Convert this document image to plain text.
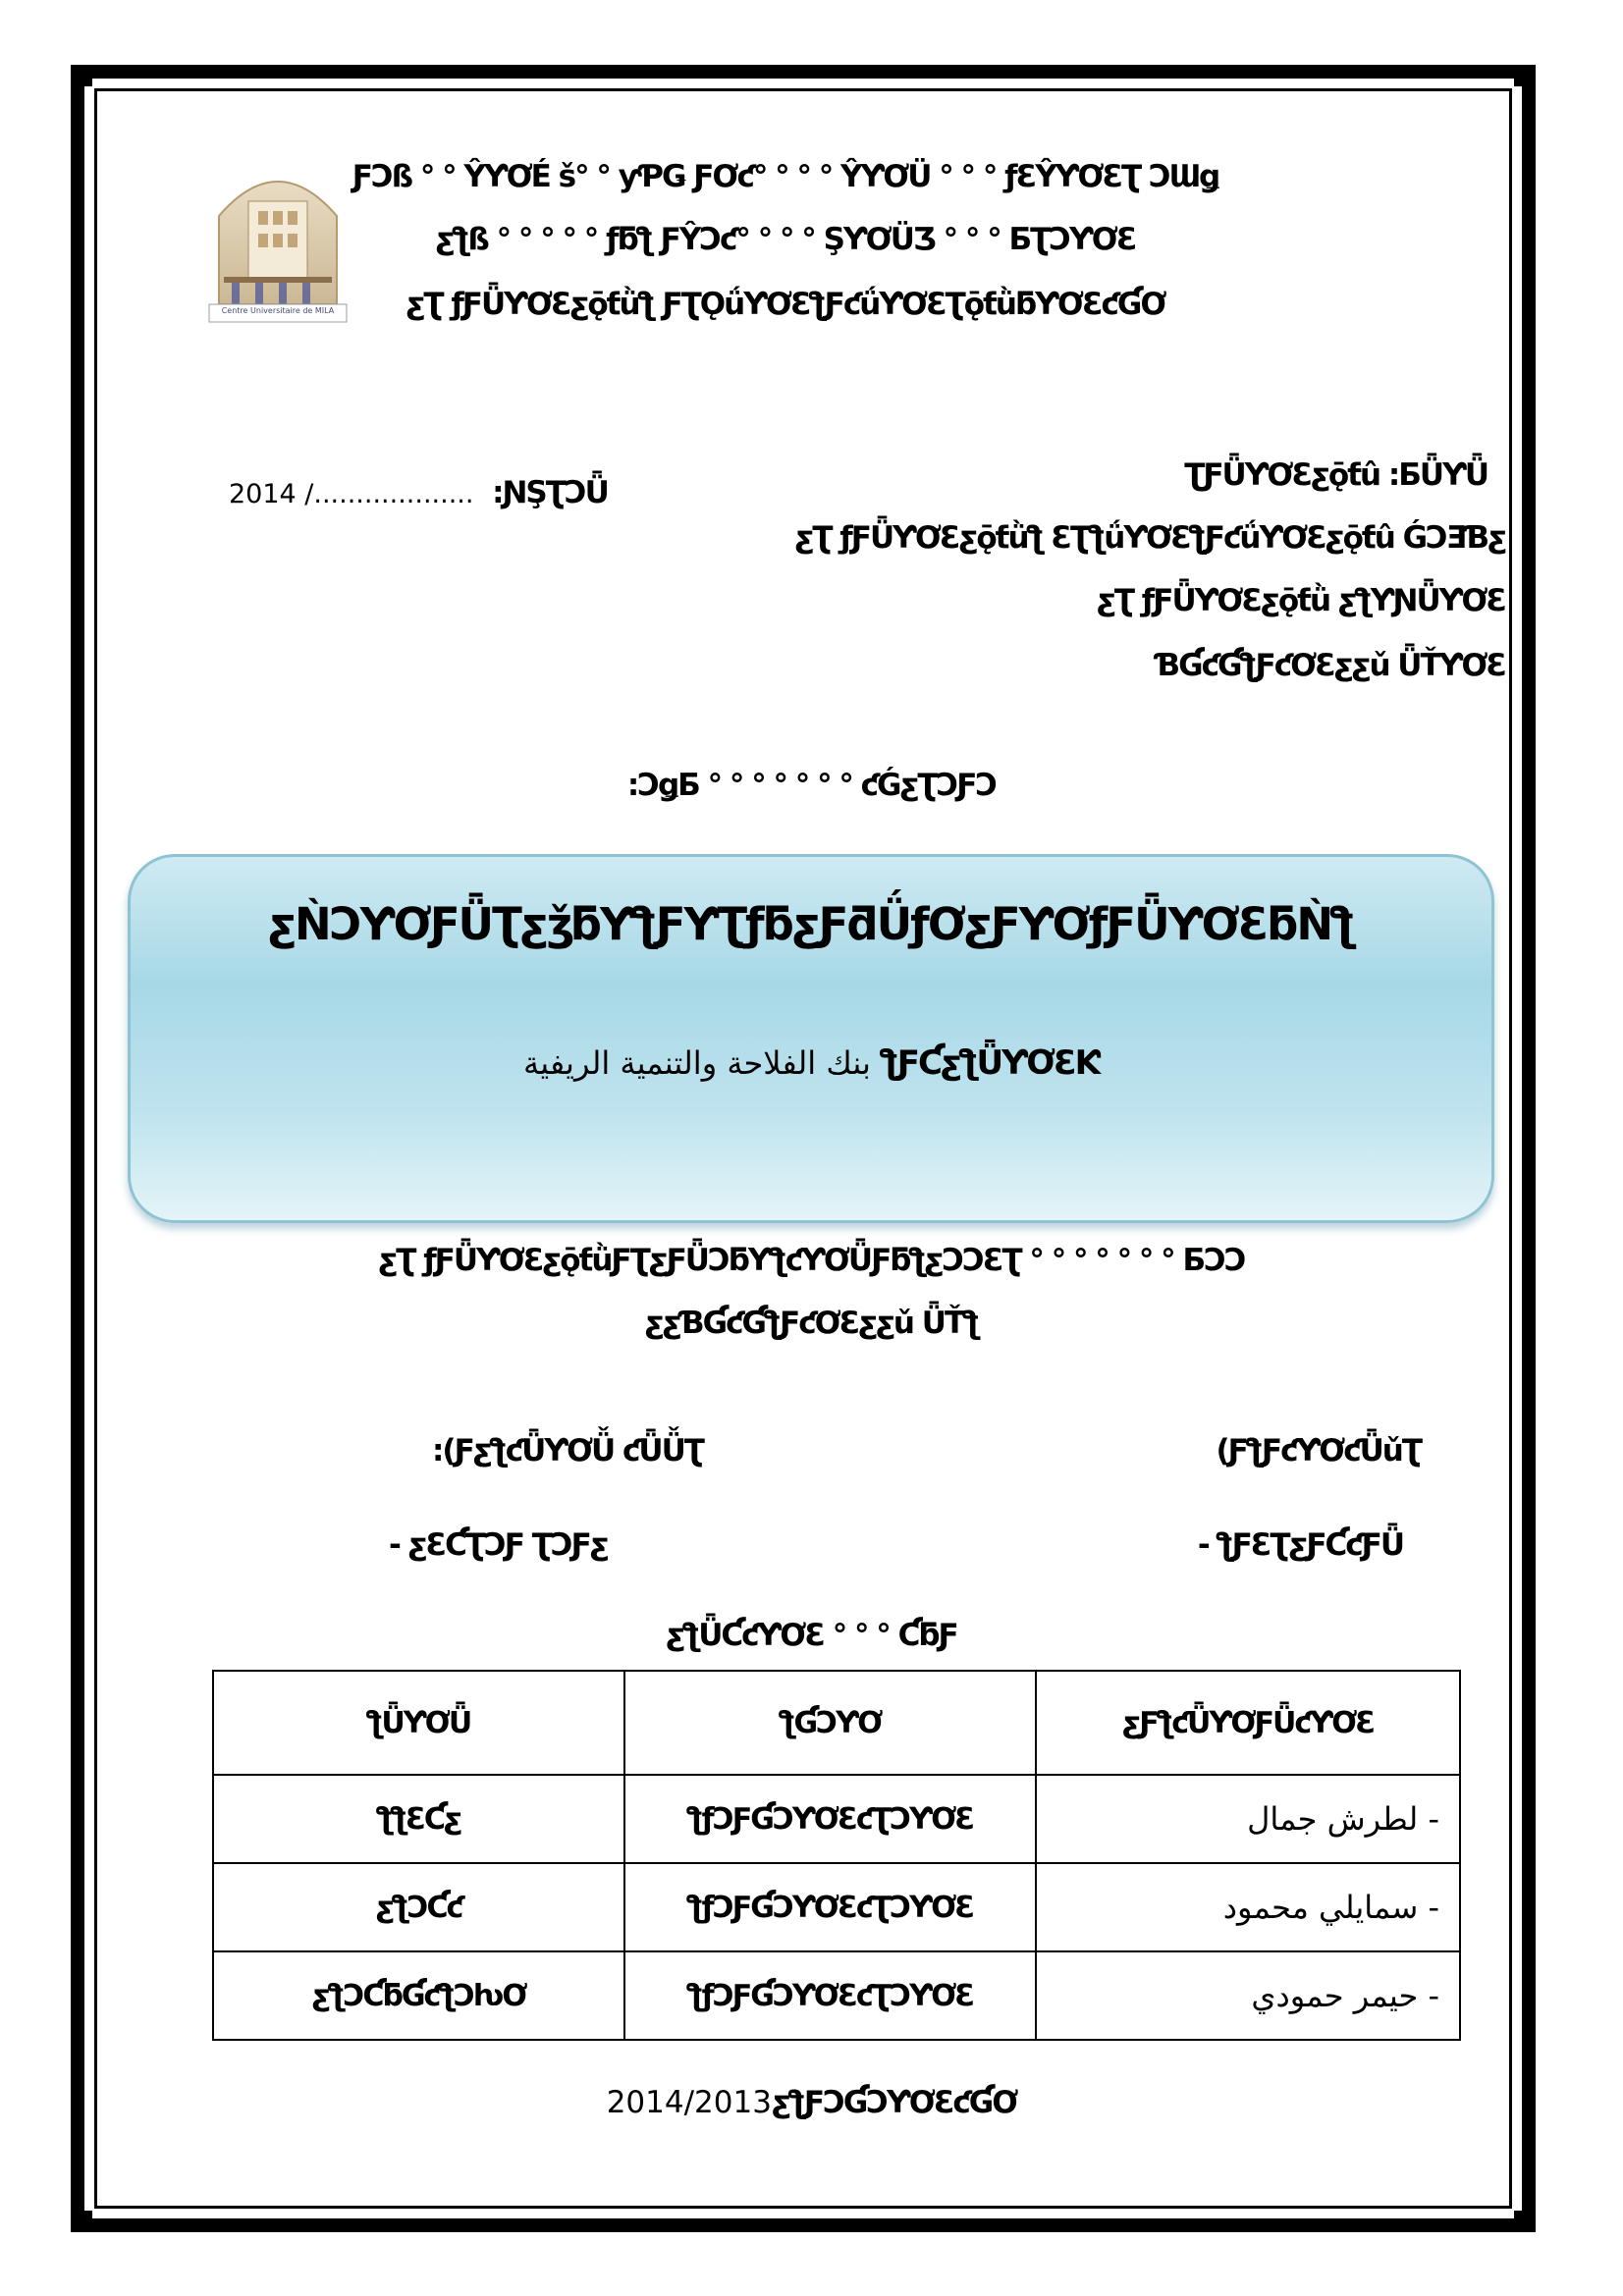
Centre Universitaire de MILA
ƑƆß ° ° ŶƳƠÉ š° ° ƴƤǤ ƑƠƈ° ° ° ° ŶƳƠÜ ° ° ° ƒƐŶƳƠƐƮ ƆƜǥ
ƹƪß ° ° ° ° ° ƒƃƪ ƑŶƆƈ° ° ° ° ŞƳƠÜƷ ° ° ° ƂƮƆƳƠƐ
ƹƮ ƒƑǕƳƠƐƹǭƭǜƪ ƑƮǪǘƳƠƐƪƑƈǘƳƠƐƮǭƭǜƃƳƠƐƈƓƠ
2014 /................... :ƝŞƮƆǕ	ƮƑǕƳƠƐƹǭƭû :ƂǕƳǕ
ƹƮ ƒƑǕƳƠƐƹǭƭǜƪ ƐƮƪǘƳƠƐƪƑƈǘƳƠƐƹǭƭû ǴƆƎƁƹ
ƹƮ ƒƑǕƳƠƐƹǭƭǜ ƹƪƳƝǕƳƠƐ
ƁƓƈƓƪƑƈƠƐƹƹǔ ǕŤƳƠƐ
:ƆǥƂ ° ° ° ° ° ° ° ƈǴƹƮƆƑƆ
ƹǸƆƳƠƑǕƮƹǯƃƳƪƑƳƮƒƃƹƑƌǗƒƠƹƑƳƠƒƑǕƳƠƐƃǸƪ
بنك الفلاحة والتنمية الريفية ƪƑƇƹƪǕƳƠƐƘ
ƹƮ ƒƑǕƳƠƐƹǭƭǜƑƮƹƑǕƆƃƳƪƈƳƠǕƑƃƪƹƆƆƐƮ ° ° ° ° ° ° ° ƂƆƆ
ƹƹƁƓƈƓƪƑƈƠƐƹƹǔ ǕŤƪ
:(ƑƹƪƈǕƳƠǙ ƈǕǙƮ	(ƑƪƑƈƳƠƈǕǔƮ
- ƹƐƇƮƆƑ ƮƆƑƹ	- ƪƑƐƮƹƑƇƈƑǕ
ƹƪǕƇƈƳƠƐ ° ° ° ƇƃƑ
ƪǕƳƠǕ	ƪƓƆƳƠ	ƹƑƪƈǕƳƠƑǕƈƳƠƐ
ƪƪƐƇƹ	ƪƒƆƑƓƆƳƠƐƈƮƆƳƠƐ	لطرش جمال -
ƹƪƆƇƈ	ƪƒƆƑƓƆƳƠƐƈƮƆƳƠƐ	سمايلي محمود -
ƹƪƆƇƃƓƈƪƆƕƠ	ƪƒƆƑƓƆƳƠƐƈƮƆƳƠƐ	حيمر حمودي -
2014/2013ƹƪƑƆƓƆƳƠƐƈƓƠ
